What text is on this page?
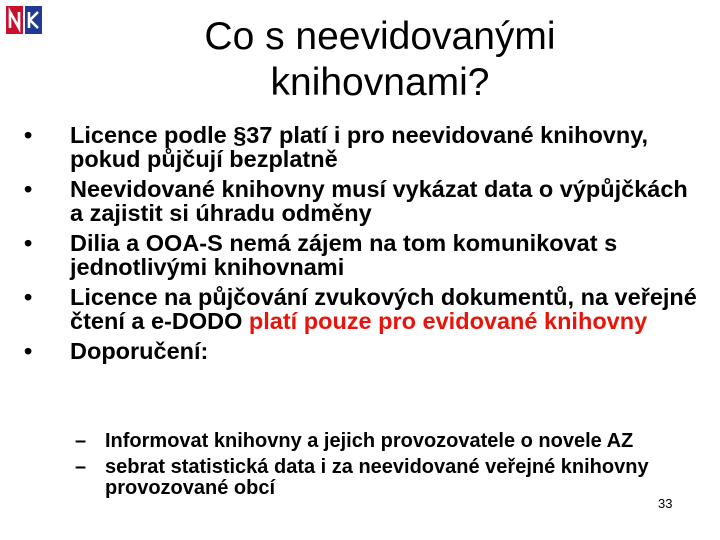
Co s neevidovanými
knihovnami?
• Licence podle §37 platí i pro neevidované knihovny, pokud půjčují bezplatně
• Neevidované knihovny musí vykázat data o výpůjčkách a zajistit si úhradu odměny
• Dilia a OOA-S nemá zájem na tom komunikovat s jednotlivými knihovnami
• Licence na půjčování zvukových dokumentů, na veřejné čtení a e-DODO platí pouze pro evidované knihovny
• Doporučení:
– Informovat knihovny a jejich provozovatele o novele AZ
– sebrat statistická data i za neevidované veřejné knihovny provozované obcí
33
